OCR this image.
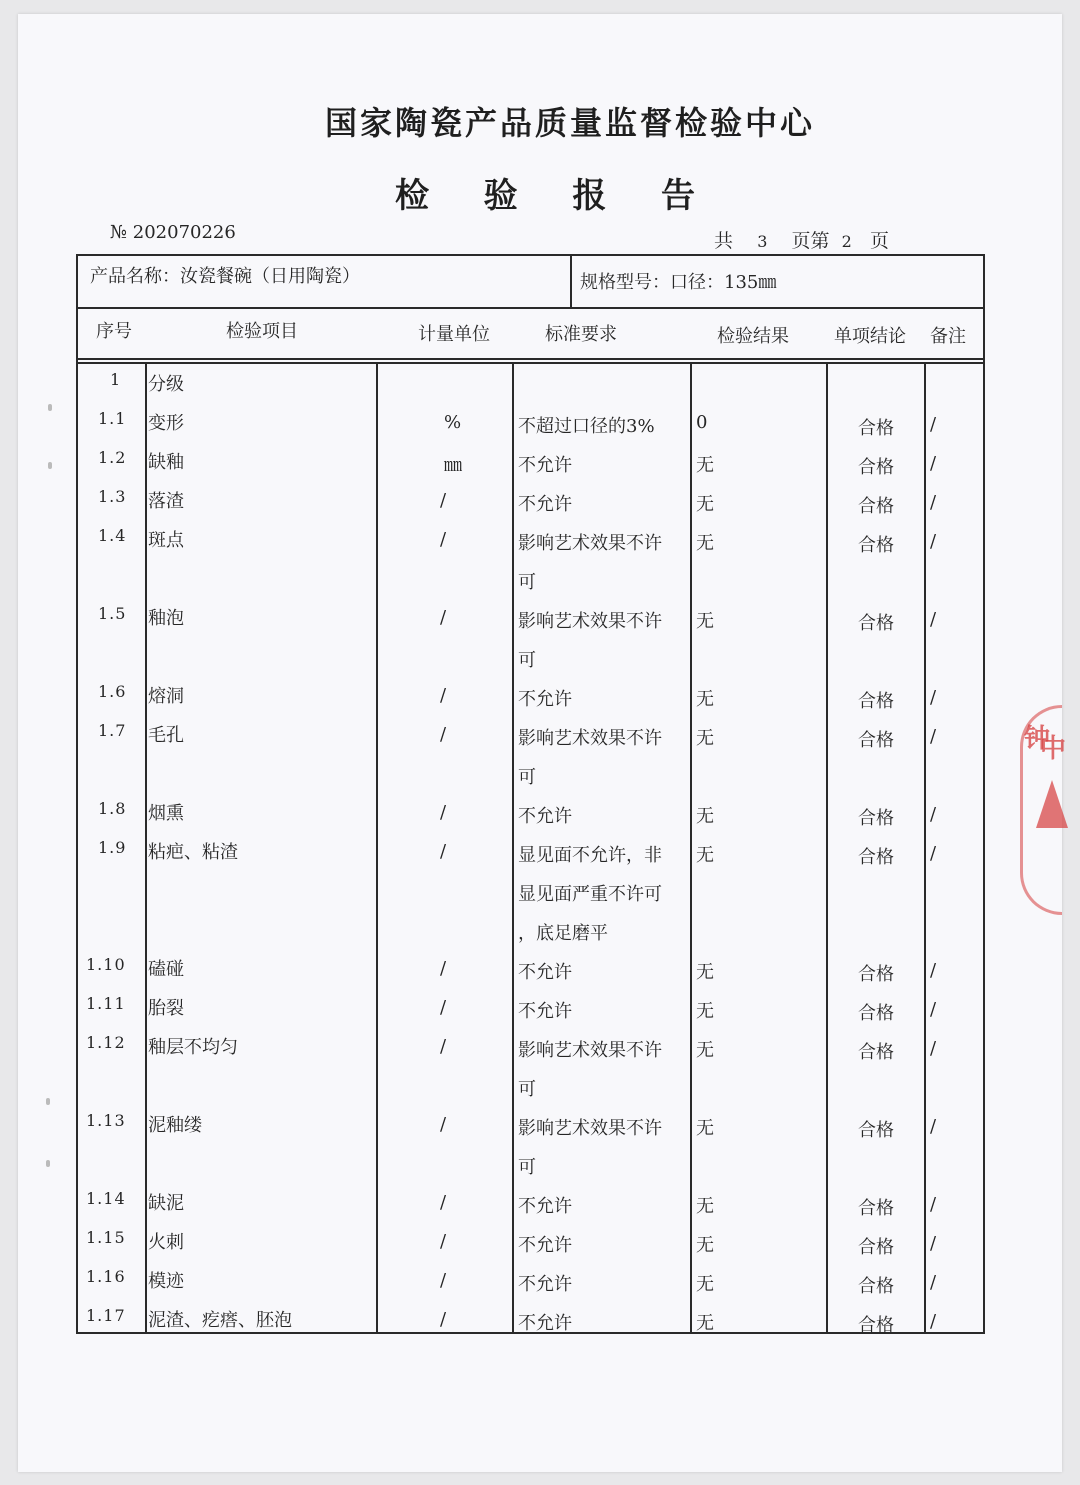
国家陶瓷产品质量监督检验中心
检 验 报 告
№ 202070226	共 3 页第 2 页
产品名称：汝瓷餐碗（日用陶瓷）	规格型号：口径：135㎜
序号	检验项目	计量单位	标准要求	检验结果	单项结论 备注
1 分级
1.1 变形	%	不超过口径的3% 0	合格 /
1.2 缺釉	㎜	不允许	无	合格 /
1.3 落渣	/	不允许	无	合格 /
1.4 斑点	/	影响艺术效果不许
可
无	合格 /
1.5 釉泡	/	影响艺术效果不许
可
无	合格 /
1.6 熔洞	/	不允许	无	合格 /
1.7 毛孔	/	影响艺术效果不许
可
无	合格 /
1.8 烟熏	/	不允许	无	合格 /
1.9 粘疤、粘渣	/	显见面不允许，非
显见面严重不许可
，底足磨平
无	合格 /
1.10 磕碰	/	不允许	无	合格 /
1.11 胎裂	/	不允许	无	合格 /
1.12 釉层不均匀	/	影响艺术效果不许
可
无	合格 /
1.13 泥釉缕	/	影响艺术效果不许
可
无	合格 /
1.14 缺泥	/	不允许	无	合格 /
1.15 火刺	/	不允许	无	合格 /
1.16 模迹	/	不允许	无	合格 /
1.17 泥渣、疙瘩、胚泡	/	不允许	无	合格 /
钟
中
